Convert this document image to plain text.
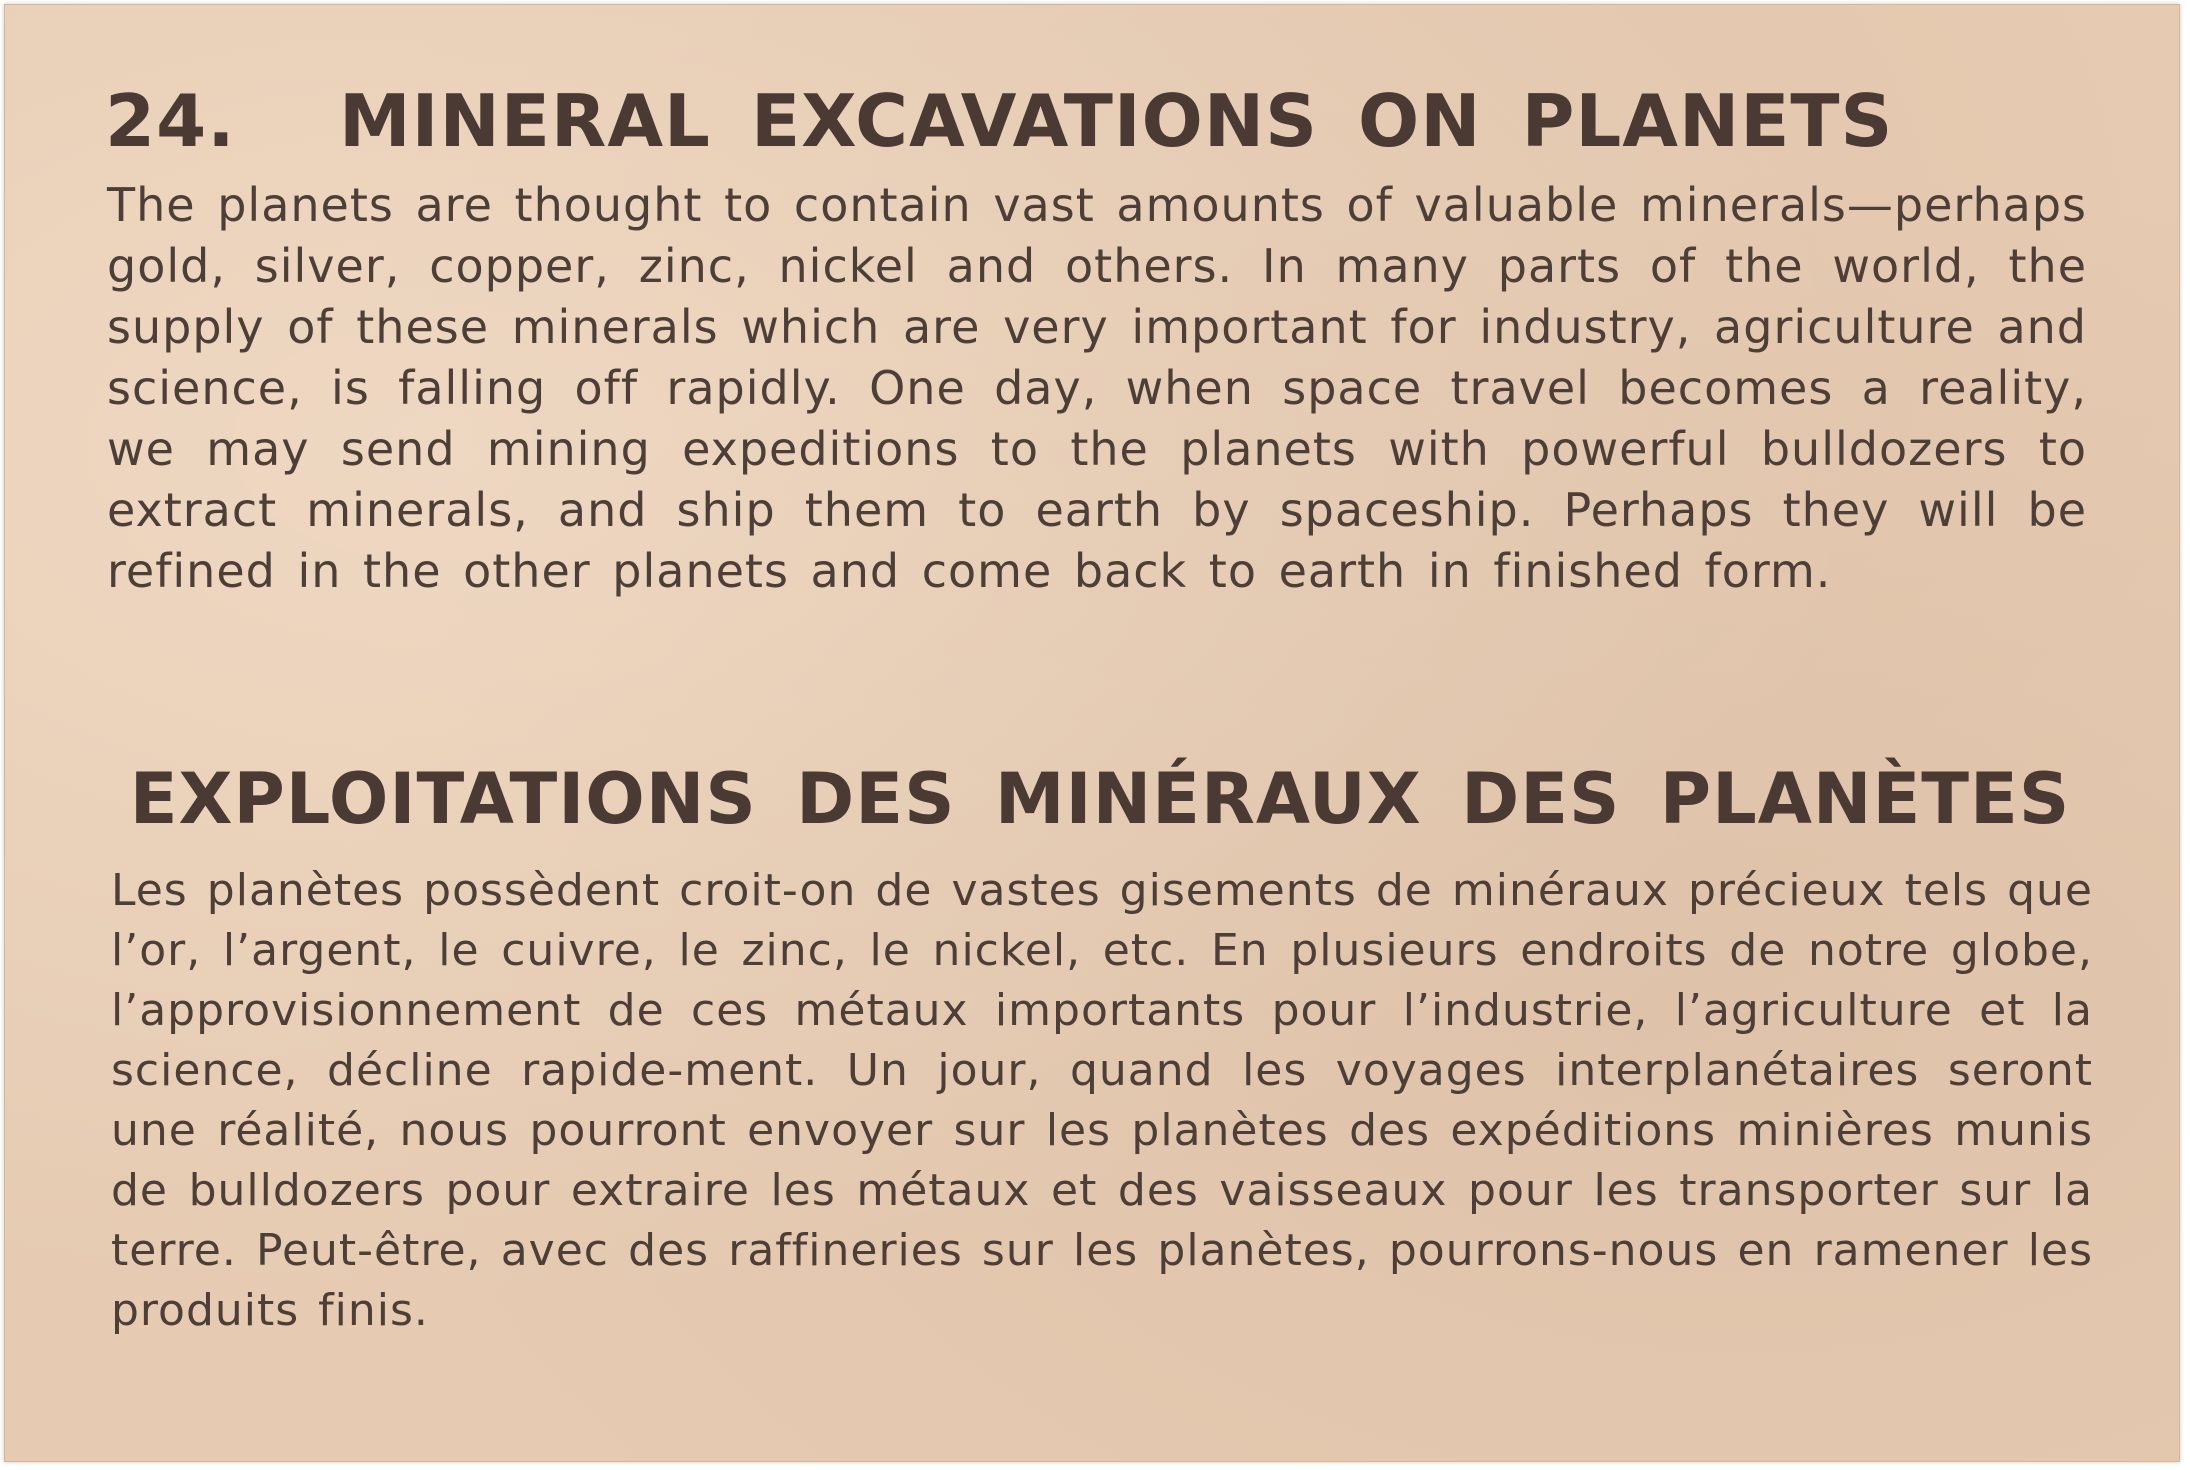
24. MINERAL EXCAVATIONS ON PLANETS

The planets are thought to contain vast amounts of valuable minerals—perhaps gold, silver, copper, zinc, nickel and others. In many parts of the world, the supply of these minerals which are very important for industry, agriculture and science, is falling off rapidly. One day, when space travel becomes a reality, we may send mining expeditions to the planets with powerful bulldozers to extract minerals, and ship them to earth by spaceship. Perhaps they will be refined in the other planets and come back to earth in finished form.

EXPLOITATIONS DES MINÉRAUX DES PLANÈTES

Les planètes possèdent croit-on de vastes gisements de minéraux précieux tels que l’or, l’argent, le cuivre, le zinc, le nickel, etc. En plusieurs endroits de notre globe, l’approvisionnement de ces métaux importants pour l’industrie, l’agriculture et la science, décline rapide-ment. Un jour, quand les voyages interplanétaires seront une réalité, nous pourront envoyer sur les planètes des expéditions minières munis de bulldozers pour extraire les métaux et des vaisseaux pour les transporter sur la terre. Peut-être, avec des raffineries sur les planètes, pourrons-nous en ramener les produits finis.
